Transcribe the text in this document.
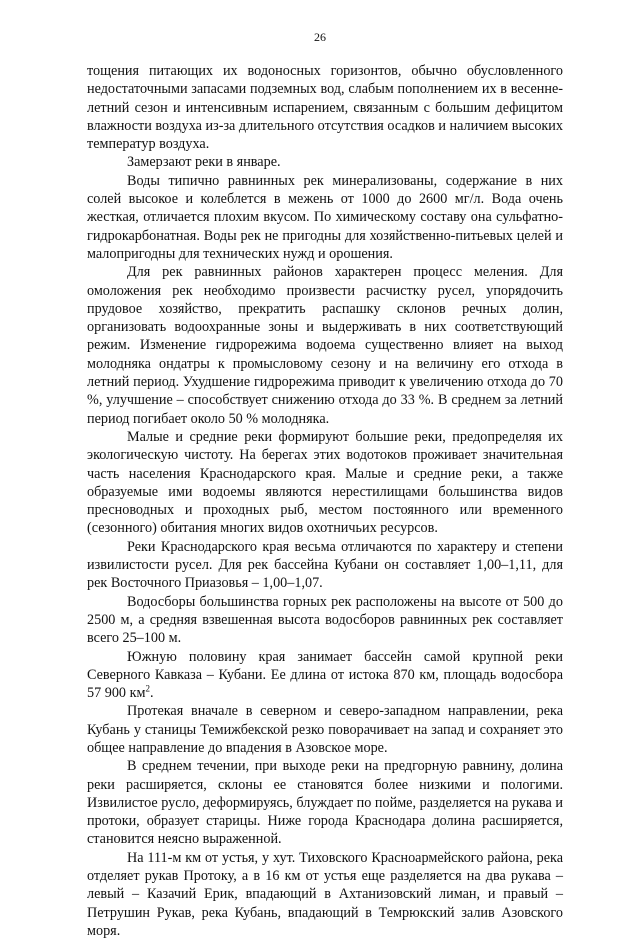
26

тощения питающих их водоносных горизонтов, обычно обусловленного недостаточными запасами подземных вод, слабым пополнением их в весенне-летний сезон и интенсивным испарением, связанным с большим дефицитом влажности воздуха из-за длительного отсутствия осадков и наличием высоких температур воздуха.

Замерзают реки в январе.

Воды типично равнинных рек минерализованы, содержание в них солей высокое и колеблется в межень от 1000 до 2600 мг/л. Вода очень жесткая, отличается плохим вкусом. По химическому составу она сульфатно-гидрокарбонатная. Воды рек не пригодны для хозяйственно-питьевых целей и малопригодны для технических нужд и орошения.

Для рек равнинных районов характерен процесс меления. Для омоложения рек необходимо произвести расчистку русел, упорядочить прудовое хозяйство, прекратить распашку склонов речных долин, организовать водоохранные зоны и выдерживать в них соответствующий режим. Изменение гидрорежима водоема существенно влияет на выход молодняка ондатры к промысловому сезону и на величину его отхода в летний период. Ухудшение гидрорежима приводит к увеличению отхода до 70 %, улучшение – способствует снижению отхода до 33 %. В среднем за летний период погибает около 50 % молодняка.

Малые и средние реки формируют большие реки, предопределяя их экологическую чистоту. На берегах этих водотоков проживает значительная часть населения Краснодарского края. Малые и средние реки, а также образуемые ими водоемы являются нерестилищами большинства видов пресноводных и проходных рыб, местом постоянного или временного (сезонного) обитания многих видов охотничьих ресурсов.

Реки Краснодарского края весьма отличаются по характеру и степени извилистости русел. Для рек бассейна Кубани он составляет 1,00–1,11, для рек Восточного Приазовья – 1,00–1,07.

Водосборы большинства горных рек расположены на высоте от 500 до 2500 м, а средняя взвешенная высота водосборов равнинных рек составляет всего 25–100 м.

Южную половину края занимает бассейн самой крупной реки Северного Кавказа – Кубани. Ее длина от истока 870 км, площадь водосбора 57 900 $км^2$.

Протекая вначале в северном и северо-западном направлении, река Кубань у станицы Темижбекской резко поворачивает на запад и сохраняет это общее направление до впадения в Азовское море.

В среднем течении, при выходе реки на предгорную равнину, долина реки расширяется, склоны ее становятся более низкими и пологими. Извилистое русло, деформируясь, блуждает по пойме, разделяется на рукава и протоки, образует старицы. Ниже города Краснодара долина расширяется, становится неясно выраженной.

На 111-м км от устья, у хут. Тиховского Красноармейского района, река отделяет рукав Протоку, а в 16 км от устья еще разделяется на два рукава – левый – Казачий Ерик, впадающий в Ахтанизовский лиман, и правый – Петрушин Рукав, река Кубань, впадающий в Темрюкский залив Азовского моря.
